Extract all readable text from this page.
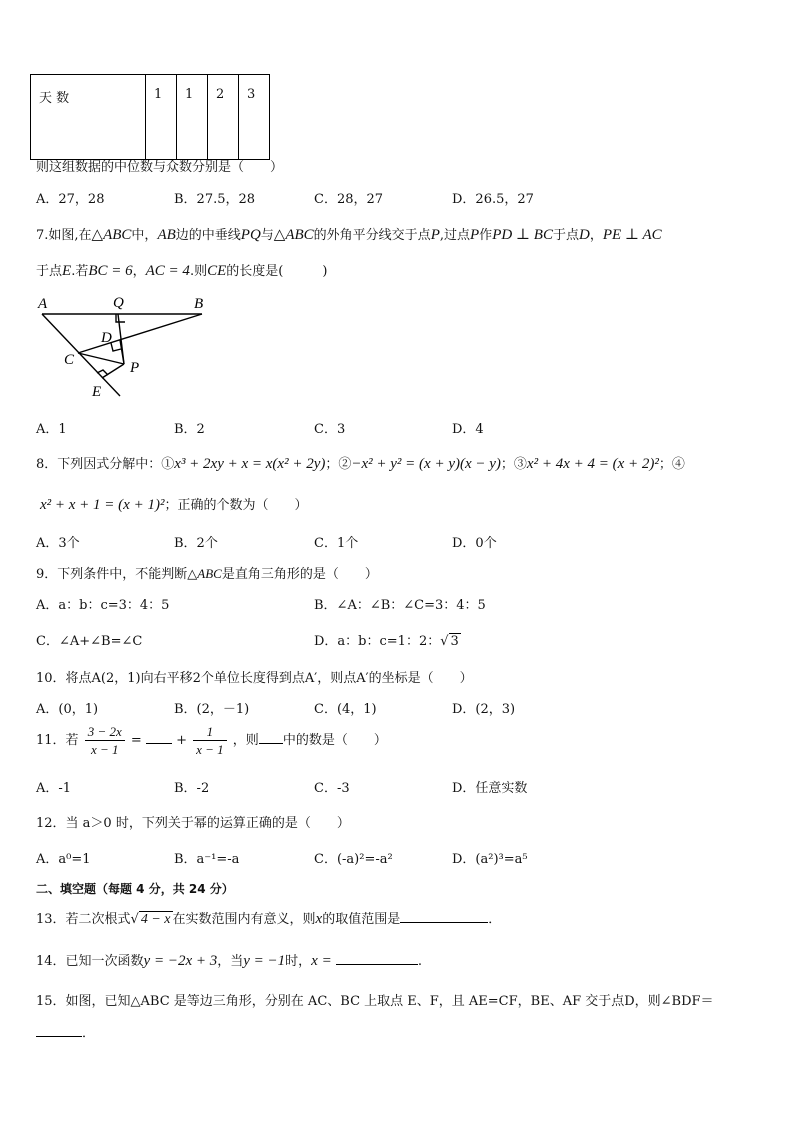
天 数	1	1	2	3
则这组数据的中位数与众数分别是（　　）
A．27，28	B．27.5，28	C．28，27	D．26.5，27
7.如图,在△ABC中，AB边的中垂线PQ与△ABC的外角平分线交于点P,过点P作PD ⊥ BC于点D，PE ⊥ AC
于点E.若BC = 6，AC = 4.则CE的长度是(　　　)
A	Q	B
D
C	P
E
A．1	B．2	C．3	D．4
8．下列因式分解中：①x³ + 2xy + x = x(x² + 2y)；②−x² + y² = (x + y)(x − y)；③x² + 4x + 4 = (x + 2)²；④
x² + x + 1 = (x + 1)²；正确的个数为（　　）
A．3个	B．2个	C．1个	D．0个
9．下列条件中，不能判断△ABC是直角三角形的是（　　）
A．a：b：c=3：4：5	B．∠A：∠B：∠C=3：4：5
C．∠A+∠B=∠C	D．a：b：c=1：2：√ 3
10．将点A(2，1)向右平移2个单位长度得到点A′，则点A′的坐标是（　　）
A．(0，1)	B．(2，－1)	C．(4，1)	D．(2，3)
11．若 $\frac{3 - 2x}{x - 1}$ =	+ $\frac{1}{x - 1}$ ，则 中的数是（　　）
A．-1	B．-2	C．-3	D．任意实数
12．当 a＞0 时，下列关于幂的运算正确的是（　　）
A．a⁰=1	B．a⁻¹=-a	C．(-a)²=-a²	D．(a²)³=a⁵
二、填空题（每题 4 分，共 24 分）
13．若二次根式√ 4 − x 在实数范围内有意义，则x的取值范围是	．
14．已知一次函数y = −2x + 3，当y = −1时，x =	.
15．如图，已知△ABC 是等边三角形，分别在 AC、BC 上取点 E、F，且 AE=CF，BE、AF 交于点D，则∠BDF＝
．
